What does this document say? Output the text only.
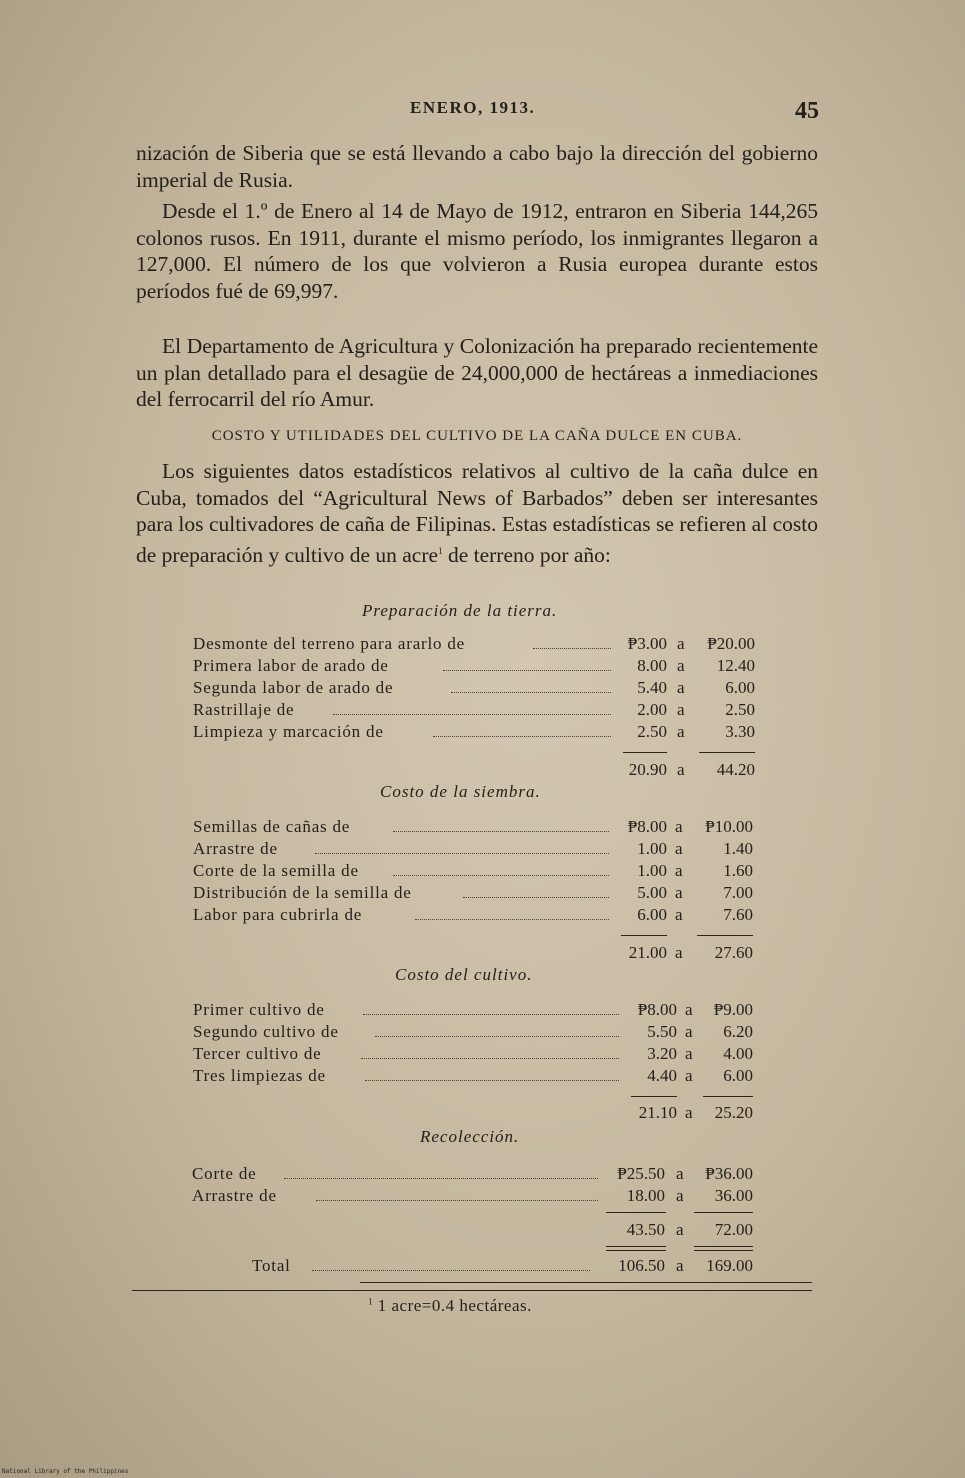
ENERO, 1913.	45

nización de Siberia que se está llevando a cabo bajo la dirección del gobierno imperial de Rusia.

Desde el 1.º de Enero al 14 de Mayo de 1912, entraron en Siberia 144,265 colonos rusos. En 1911, durante el mismo período, los inmigrantes llegaron a 127,000. El número de los que volvieron a Rusia europea durante estos períodos fué de 69,997.

El Departamento de Agricultura y Colonización ha preparado recientemente un plan detallado para el desagüe de 24,000,000 de hectáreas a inmediaciones del ferrocarril del río Amur.

COSTO Y UTILIDADES DEL CULTIVO DE LA CAÑA DULCE EN CUBA.

Los siguientes datos estadísticos relativos al cultivo de la caña dulce en Cuba, tomados del “Agricultural News of Barbados” deben ser interesantes para los cultivadores de caña de Filipinas. Estas estadísticas se refieren al costo de preparación y cultivo de un acre$^1$ de terreno por año:

Preparación de la tierra.
Desmonte del terreno para ararlo de	₱3.00 a ₱20.00
Primera labor de arado de	8.00 a 12.40
Segunda labor de arado de	5.40 a 6.00
Rastrillaje de	2.00 a 2.50
Limpieza y marcación de	2.50 a 3.30
20.90 a 44.20
Costo de la siembra.
Semillas de cañas de	₱8.00 a ₱10.00
Arrastre de	1.00 a 1.40
Corte de la semilla de	1.00 a 1.60
Distribución de la semilla de	5.00 a 7.00
Labor para cubrirla de	6.00 a 7.60
21.00 a 27.60
Costo del cultivo.
Primer cultivo de	₱8.00 a ₱9.00
Segundo cultivo de	5.50 a 6.20
Tercer cultivo de	3.20 a 4.00
Tres limpiezas de	4.40 a 6.00
21.10 a 25.20
Recolección.
Corte de	₱25.50 a ₱36.00
Arrastre de	18.00 a 36.00
43.50 a 72.00
Total	106.50 a 169.00
$^1$ 1 acre=0.4 hectáreas.
National Library of the Philippines
